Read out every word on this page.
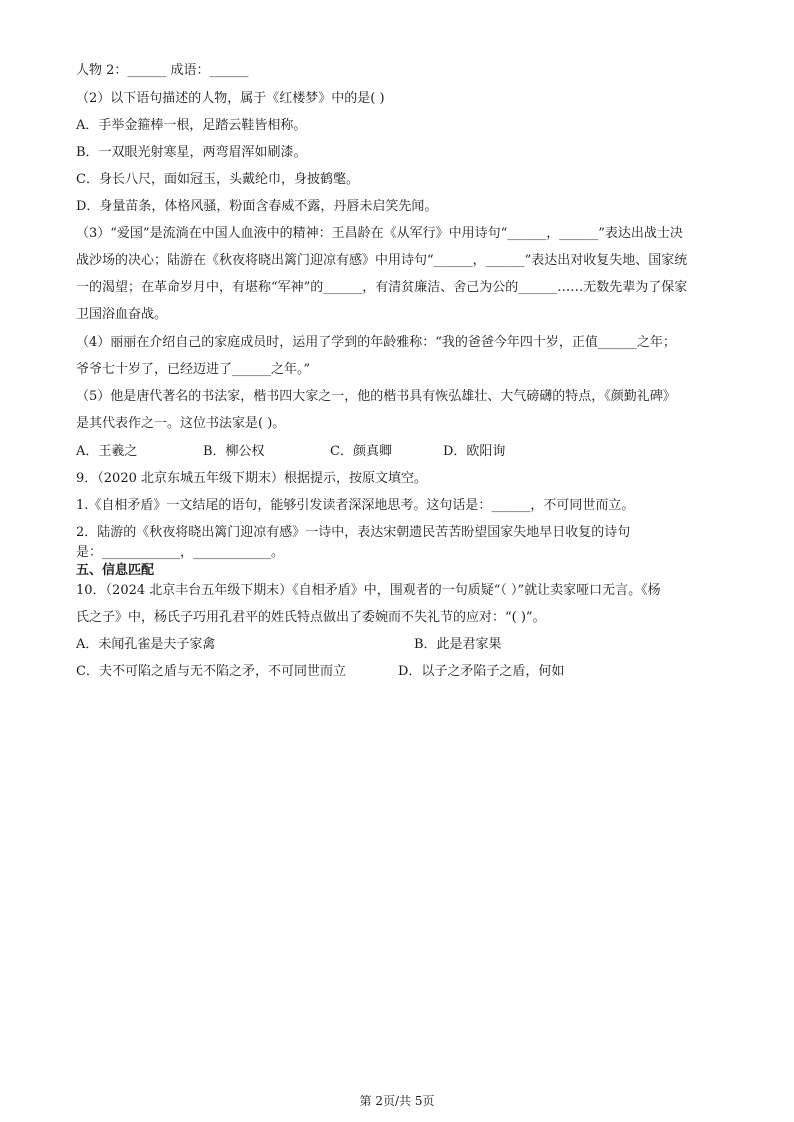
人物 2：______ 成语：______
（2）以下语句描述的人物，属于《红楼梦》中的是( )
A．手举金箍棒一根，足踏云鞋皆相称。
B．一双眼光射寒星，两弯眉浑如刷漆。
C．身长八尺，面如冠玉，头戴纶巾，身披鹤氅。
D．身量苗条，体格风骚，粉面含春威不露，丹唇未启笑先闻。
（3）“爱国”是流淌在中国人血液中的精神：王昌龄在《从军行》中用诗句“______，______”表达出战士决
战沙场的决心；陆游在《秋夜将晓出篱门迎凉有感》中用诗句“______，______”表达出对收复失地、国家统
一的渴望；在革命岁月中，有堪称“军神”的______，有清贫廉洁、舍己为公的______……无数先辈为了保家
卫国浴血奋战。
（4）丽丽在介绍自己的家庭成员时，运用了学到的年龄雅称：“我的爸爸今年四十岁，正值______之年；
爷爷七十岁了，已经迈进了______之年。”
（5）他是唐代著名的书法家，楷书四大家之一，他的楷书具有恢弘雄壮、大气磅礴的特点，《颜勤礼碑》
是其代表作之一。这位书法家是( )。
A．王羲之	B．柳公权	C．颜真卿	D．欧阳询
9．（2020 北京东城五年级下期末）根据提示，按原文填空。
1.《自相矛盾》一文结尾的语句，能够引发读者深深地思考。这句话是：______，不可同世而立。
2．陆游的《秋夜将晓出篱门迎凉有感》一诗中，表达宋朝遗民苦苦盼望国家失地早日收复的诗句
是：____________，____________。
五、信息匹配
10．（2024 北京丰台五年级下期末）《自相矛盾》中，围观者的一句质疑“（ ）”就让卖家哑口无言。《杨
氏之子》中，杨氏子巧用孔君平的姓氏特点做出了委婉而不失礼节的应对：“( )”。
A．未闻孔雀是夫子家禽	B．此是君家果
C．夫不可陷之盾与无不陷之矛，不可同世而立	D．以子之矛陷子之盾，何如
第 2页/共 5页
